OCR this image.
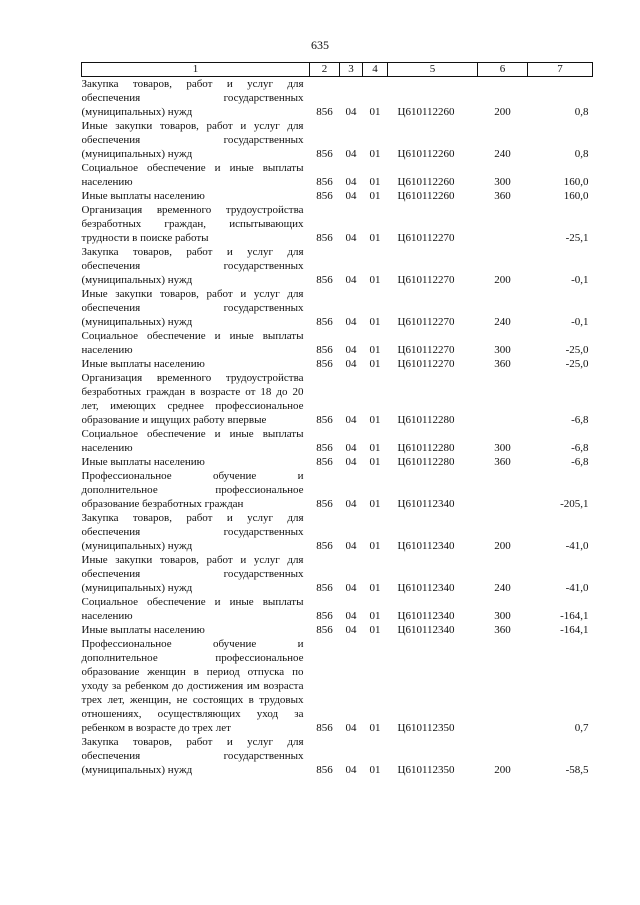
635
1	2	3	4	5	6	7
Закупка товаров, работ и услуг для обеспечения государственных (муниципальных) нужд	856	04	01	Ц610112260	200	0,8
Иные закупки товаров, работ и услуг для обеспечения государственных (муниципальных) нужд	856	04	01	Ц610112260	240	0,8
Социальное обеспечение и иные выплаты населению	856	04	01	Ц610112260	300	160,0
Иные выплаты населению	856	04	01	Ц610112260	360	160,0
Организация временного трудоустройства безработных граждан, испытывающих трудности в поиске работы	856	04	01	Ц610112270		-25,1
Закупка товаров, работ и услуг для обеспечения государственных (муниципальных) нужд	856	04	01	Ц610112270	200	-0,1
Иные закупки товаров, работ и услуг для обеспечения государственных (муниципальных) нужд	856	04	01	Ц610112270	240	-0,1
Социальное обеспечение и иные выплаты населению	856	04	01	Ц610112270	300	-25,0
Иные выплаты населению	856	04	01	Ц610112270	360	-25,0
Организация временного трудоустройства безработных граждан в возрасте от 18 до 20 лет, имеющих среднее профессиональное образование и ищущих работу впервые	856	04	01	Ц610112280		-6,8
Социальное обеспечение и иные выплаты населению	856	04	01	Ц610112280	300	-6,8
Иные выплаты населению	856	04	01	Ц610112280	360	-6,8
Профессиональное обучение и дополнительное профессиональное образование безработных граждан	856	04	01	Ц610112340		-205,1
Закупка товаров, работ и услуг для обеспечения государственных (муниципальных) нужд	856	04	01	Ц610112340	200	-41,0
Иные закупки товаров, работ и услуг для обеспечения государственных (муниципальных) нужд	856	04	01	Ц610112340	240	-41,0
Социальное обеспечение и иные выплаты населению	856	04	01	Ц610112340	300	-164,1
Иные выплаты населению	856	04	01	Ц610112340	360	-164,1
Профессиональное обучение и дополнительное профессиональное образование женщин в период отпуска по уходу за ребенком до достижения им возраста трех лет, женщин, не состоящих в трудовых отношениях, осуществляющих уход за ребенком в возрасте до трех лет	856	04	01	Ц610112350		0,7
Закупка товаров, работ и услуг для обеспечения государственных (муниципальных) нужд	856	04	01	Ц610112350	200	-58,5
